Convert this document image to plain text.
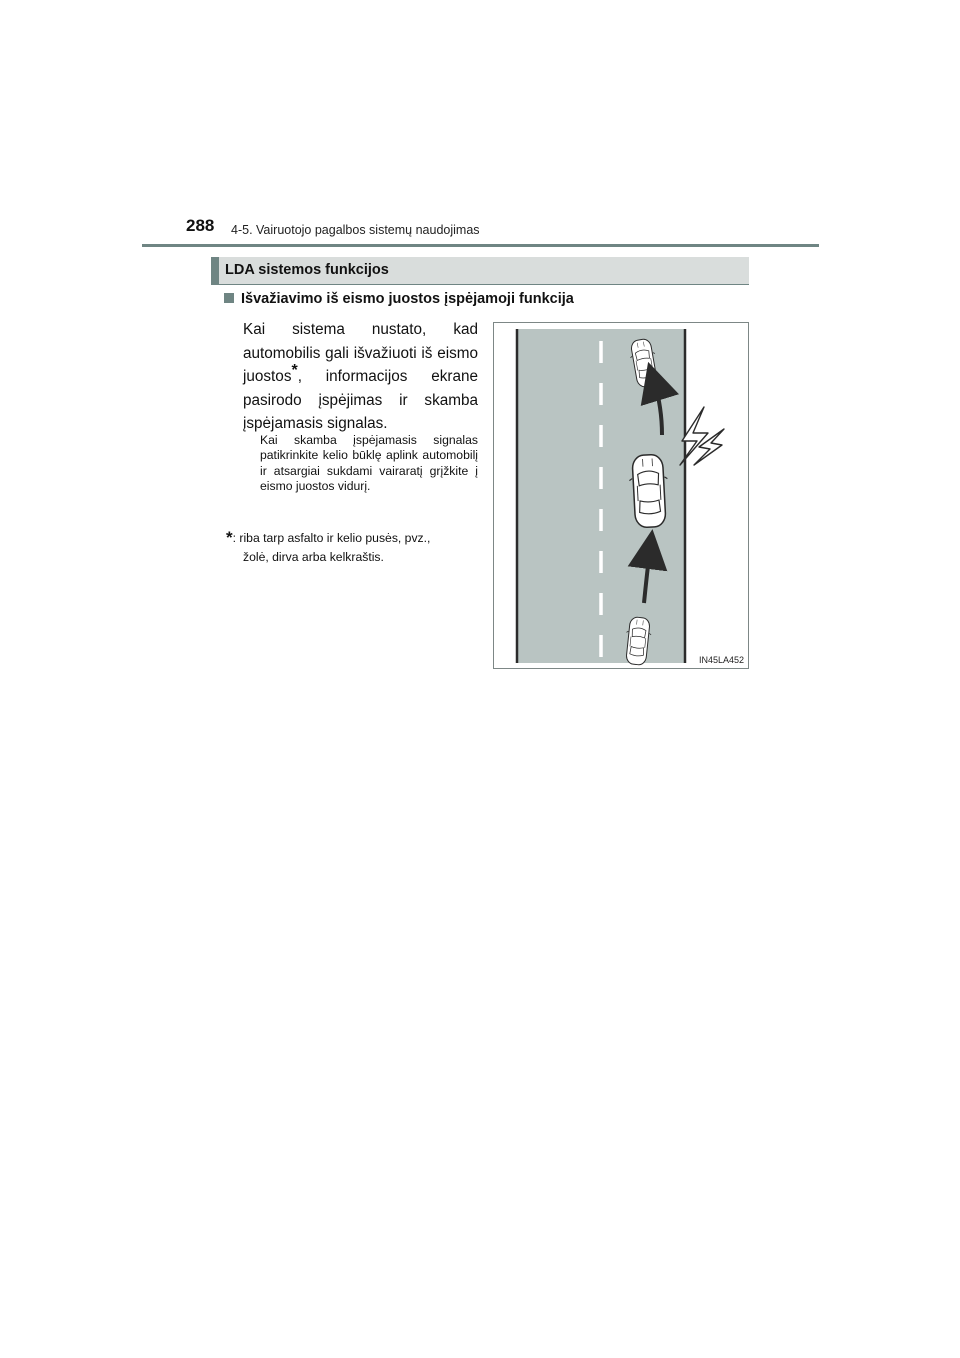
288 4-5. Vairuotojo pagalbos sistemų naudojimas
LDA sistemos funkcijos
Išvažiavimo iš eismo juostos įspėjamoji funkcija
Kai sistema nustato, kad automobilis gali išvažiuoti iš eismo juostos*, informacijos ekrane pasirodo įspėjimas ir skamba įspėjamasis signalas.
Kai skamba įspėjamasis signalas patikrinkite kelio būklę aplink automobilį ir atsargiai sukdami vairaratį grįžkite į eismo juostos vidurį.
*: riba tarp asfalto ir kelio pusės, pvz.,
žolė, dirva arba kelkraštis.
IN45LA452
